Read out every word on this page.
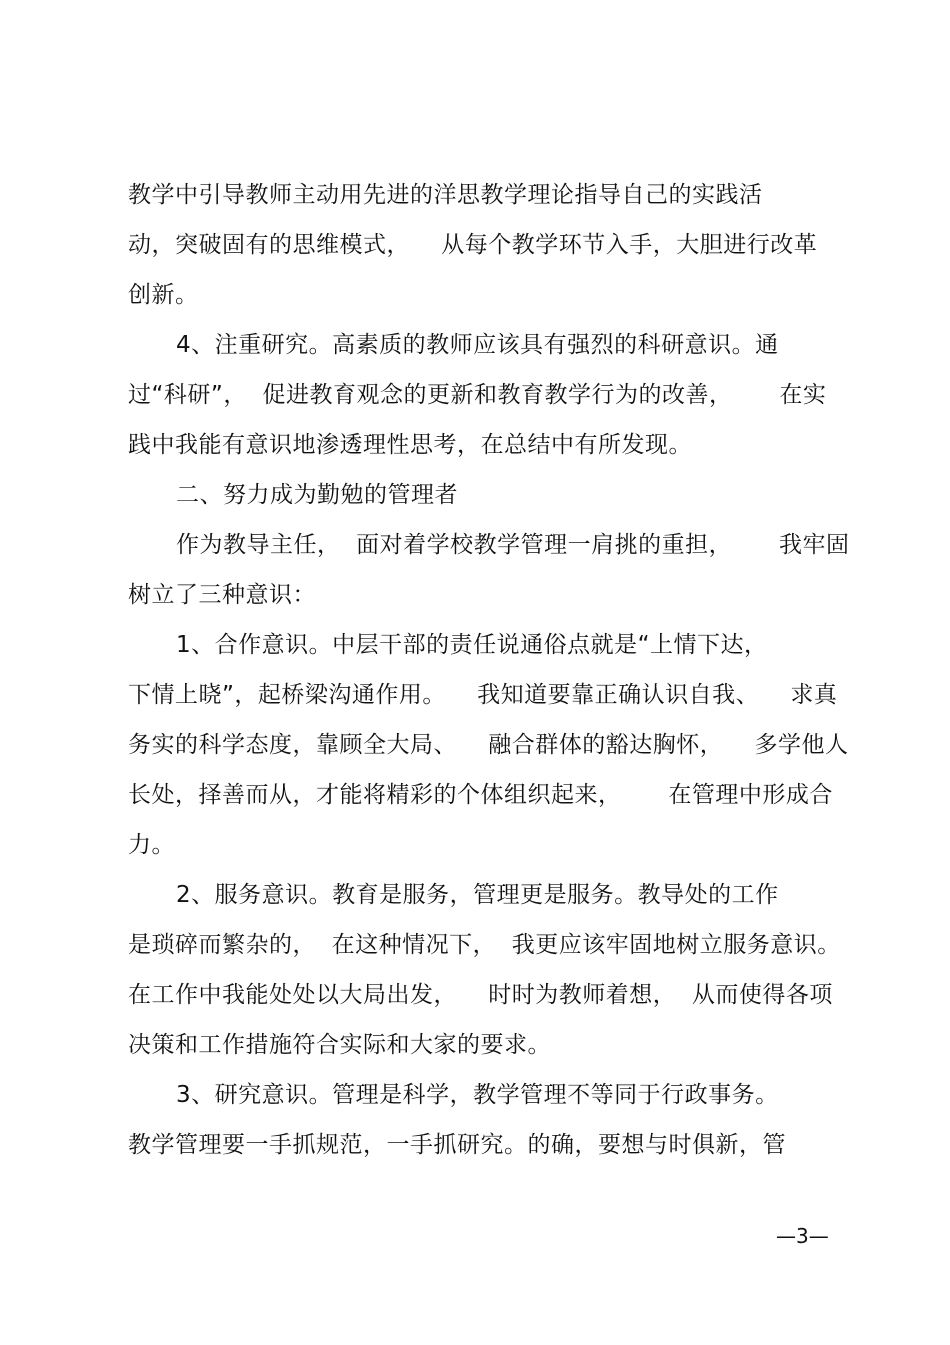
教学中引导教师主动用先进的洋思教学理论指导自己的实践活
动，突破固有的思维模式，    从每个教学环节入手，大胆进行改革
创新。
4、注重研究。高素质的教师应该具有强烈的科研意识。通
过“科研”，  促进教育观念的更新和教育教学行为的改善，      在实
践中我能有意识地渗透理性思考，在总结中有所发现。
二、努力成为勤勉的管理者
作为教导主任，  面对着学校教学管理一肩挑的重担，      我牢固
树立了三种意识：
1、合作意识。中层干部的责任说通俗点就是“上情下达，
下情上晓”，起桥梁沟通作用。    我知道要靠正确认识自我、    求真
务实的科学态度，靠顾全大局、    融合群体的豁达胸怀，    多学他人
长处，择善而从，才能将精彩的个体组织起来，      在管理中形成合
力。
2、服务意识。教育是服务，管理更是服务。教导处的工作
是琐碎而繁杂的，  在这种情况下，  我更应该牢固地树立服务意识。
在工作中我能处处以大局出发，    时时为教师着想，  从而使得各项
决策和工作措施符合实际和大家的要求。
3、研究意识。管理是科学，教学管理不等同于行政事务。
教学管理要一手抓规范，一手抓研究。的确，要想与时俱新，管
—3—
